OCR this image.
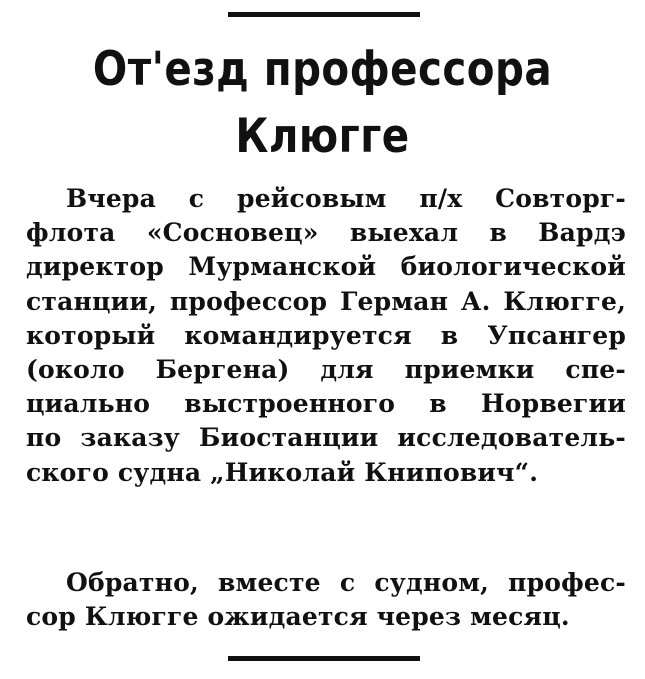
От'езд профессора
Клюгге
Вчера с рейсовым п/х Совторг-
флота «Сосновец» выехал в Вардэ
директор Мурманской биологической
станции, профессор Герман А. Клюгге,
который командируется в Упсангер
(около Бергена) для приемки спе-
циально выстроенного в Норвегии
по заказу Биостанции исследователь-
ского судна „Николай Книпович“.
Обратно, вместе с судном, профес-
сор Клюгге ожидается через месяц.
